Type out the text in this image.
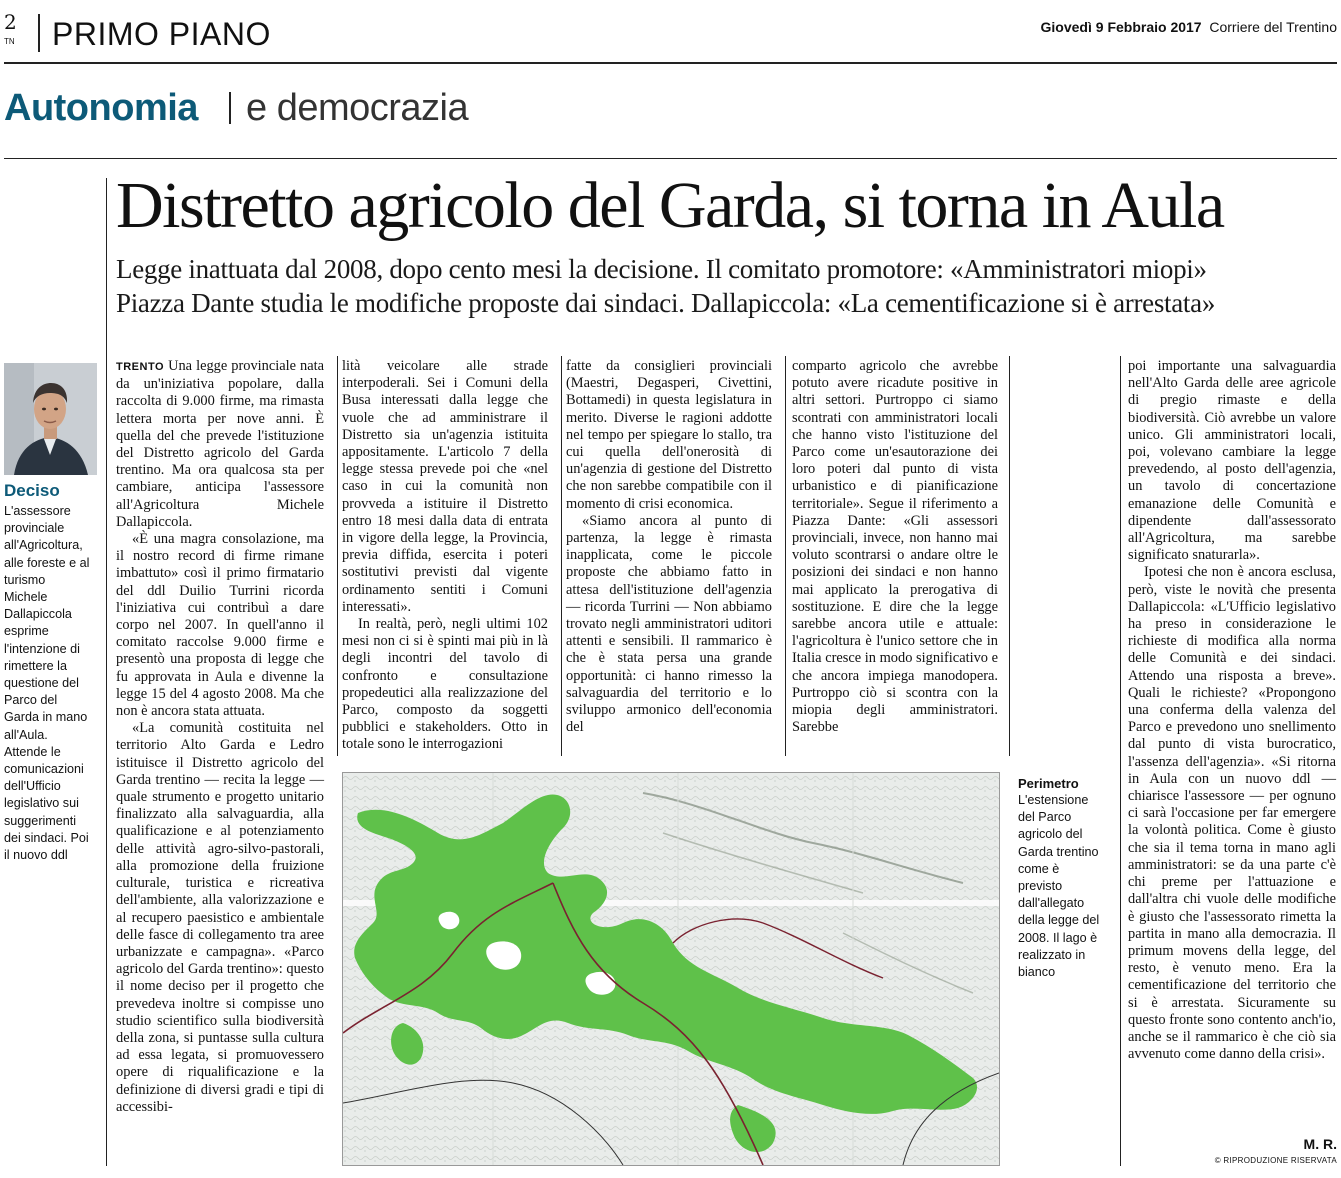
2
TN PRIMO PIANO	Giovedì 9 Febbraio 2017 Corriere del Trentino
Autonomia e democrazia
Distretto agricolo del Garda, si torna in Aula
Legge inattuata dal 2008, dopo cento mesi la decisione. Il comitato promotore: «Amministratori miopi»
Piazza Dante studia le modifiche proposte dai sindaci. Dallapiccola: «La cementificazione si è arrestata»
Deciso
L'assessore
provinciale
all'Agricoltura,
alle foreste e al
turismo
Michele
Dallapiccola
esprime
l'intenzione di
rimettere la
questione del
Parco del
Garda in mano
all'Aula.
Attende le
comunicazioni
dell'Ufficio
legislativo sui
suggerimenti
dei sindaci. Poi
il nuovo ddl

TRENTO Una legge provinciale nata da un'iniziativa popolare, dalla raccolta di 9.000 firme, ma rimasta lettera morta per nove anni. È quella del che prevede l'istituzione del Distretto agricolo del Garda trentino. Ma ora qualcosa sta per cambiare, anticipa l'assessore all'Agricoltura Michele Dallapiccola.

«È una magra consolazione, ma il nostro record di firme rimane imbattuto» così il primo firmatario del ddl Duilio Turrini ricorda l'iniziativa cui contribuì a dare corpo nel 2007. In quell'anno il comitato raccolse 9.000 firme e presentò una proposta di legge che fu approvata in Aula e divenne la legge 15 del 4 agosto 2008. Ma che non è ancora stata attuata.

«La comunità costituita nel territorio Alto Garda e Ledro istituisce il Distretto agricolo del Garda trentino — recita la legge — quale strumento e progetto unitario finalizzato alla salvaguardia, alla qualificazione e al potenziamento delle attività agro-silvo-pastorali, alla promozione della fruizione culturale, turistica e ricreativa dell'ambiente, alla valorizzazione e al recupero paesistico e ambientale delle fasce di collegamento tra aree urbanizzate e campagna». «Parco agricolo del Garda trentino»: questo il nome deciso per il progetto che prevedeva inoltre si compisse uno studio scientifico sulla biodiversità della zona, si puntasse sulla cultura ad essa legata, si promuovessero opere di riqualificazione e la definizione di diversi gradi e tipi di accessibi-

lità veicolare alle strade interpoderali. Sei i Comuni della Busa interessati dalla legge che vuole che ad amministrare il Distretto sia un'agenzia istituita appositamente. L'articolo 7 della legge stessa prevede poi che «nel caso in cui la comunità non provveda a istituire il Distretto entro 18 mesi dalla data di entrata in vigore della legge, la Provincia, previa diffida, esercita i poteri sostitutivi previsti dal vigente ordinamento sentiti i Comuni interessati».

In realtà, però, negli ultimi 102 mesi non ci si è spinti mai più in là degli incontri del tavolo di confronto e consultazione propedeutici alla realizzazione del Parco, composto da soggetti pubblici e stakeholders. Otto in totale sono le interrogazioni

fatte da consiglieri provinciali (Maestri, Degasperi, Civettini, Bottamedi) in questa legislatura in merito. Diverse le ragioni addotte nel tempo per spiegare lo stallo, tra cui quella dell'onerosità di un'agenzia di gestione del Distretto che non sarebbe compatibile con il momento di crisi economica.

«Siamo ancora al punto di partenza, la legge è rimasta inapplicata, come le piccole proposte che abbiamo fatto in attesa dell'istituzione dell'agenzia — ricorda Turrini — Non abbiamo trovato negli amministratori uditori attenti e sensibili. Il rammarico è che è stata persa una grande opportunità: ci hanno rimesso la salvaguardia del territorio e lo sviluppo armonico dell'economia del

comparto agricolo che avrebbe potuto avere ricadute positive in altri settori. Purtroppo ci siamo scontrati con amministratori locali che hanno visto l'istituzione del Parco come un'esautorazione dei loro poteri dal punto di vista urbanistico e di pianificazione territoriale». Segue il riferimento a Piazza Dante: «Gli assessori provinciali, invece, non hanno mai voluto scontrarsi o andare oltre le posizioni dei sindaci e non hanno mai applicato la prerogativa di sostituzione. E dire che la legge sarebbe ancora utile e attuale: l'agricoltura è l'unico settore che in Italia cresce in modo significativo e che ancora impiega manodopera. Purtroppo ciò si scontra con la miopia degli amministratori. Sarebbe

poi importante una salvaguardia nell'Alto Garda delle aree agricole di pregio rimaste e della biodiversità. Ciò avrebbe un valore unico. Gli amministratori locali, poi, volevano cambiare la legge prevedendo, al posto dell'agenzia, un tavolo di concertazione emanazione delle Comunità e dipendente dall'assessorato all'Agricoltura, ma sarebbe significato snaturarla».

Ipotesi che non è ancora esclusa, però, viste le novità che presenta Dallapiccola: «L'Ufficio legislativo ha preso in considerazione le richieste di modifica alla norma delle Comunità e dei sindaci. Attendo una risposta a breve». Quali le richieste? «Propongono una conferma della valenza del Parco e prevedono uno snellimento dal punto di vista burocratico, l'assenza dell'agenzia». «Si ritorna in Aula con un nuovo ddl — chiarisce l'assessore — per ognuno ci sarà l'occasione per far emergere la volontà politica. Come è giusto che sia il tema torna in mano agli amministratori: se da una parte c'è chi preme per l'attuazione e dall'altra chi vuole delle modifiche è giusto che l'assessorato rimetta la partita in mano alla democrazia. Il primum movens della legge, del resto, è venuto meno. Era la cementificazione del territorio che si è arrestata. Sicuramente su questo fronte sono contento anch'io, anche se il rammarico è che ciò sia avvenuto come danno della crisi».

Perimetro
L'estensione
del Parco
agricolo del
Garda trentino
come è
previsto
dall'allegato
della legge del
2008. Il lago è
realizzato in
bianco
M. R.
© RIPRODUZIONE RISERVATA
